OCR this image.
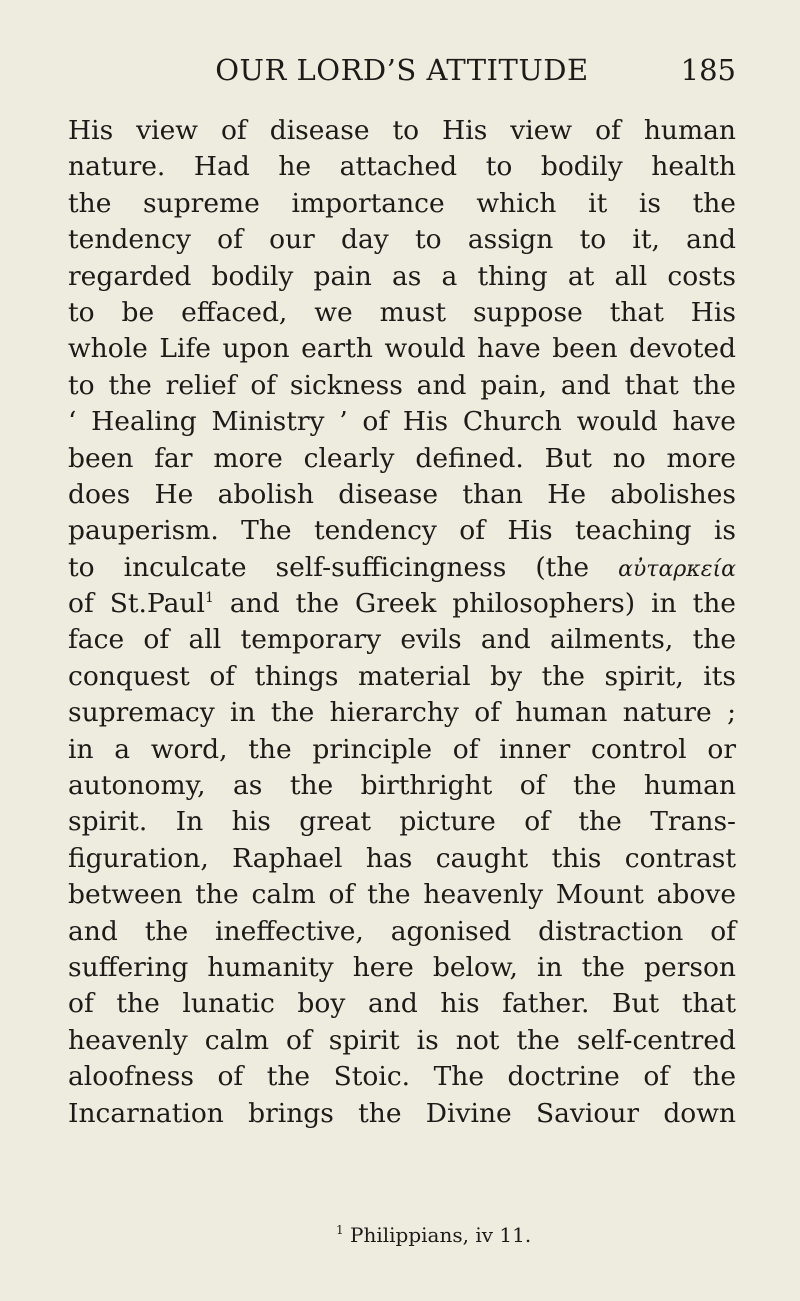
OUR LORD’S ATTITUDE	185
His view of disease to His view of human
nature. Had he attached to bodily health
the supreme importance which it is the
tendency of our day to assign to it, and
regarded bodily pain as a thing at all costs
to be effaced, we must suppose that His
whole Life upon earth would have been devoted
to the relief of sickness and pain, and that the
‘ Healing Ministry ’ of His Church would have
been far more clearly defined. But no more
does He abolish disease than He abolishes
pauperism. The tendency of His teaching is
to inculcate self-sufficingness (the αὐταρκεία
of St.Paul$^1$ and the Greek philosophers) in the
face of all temporary evils and ailments, the
conquest of things material by the spirit, its
supremacy in the hierarchy of human nature ;
in a word, the principle of inner control or
autonomy, as the birthright of the human
spirit. In his great picture of the Trans-
figuration, Raphael has caught this contrast
between the calm of the heavenly Mount above
and the ineffective, agonised distraction of
suffering humanity here below, in the person
of the lunatic boy and his father. But that
heavenly calm of spirit is not the self-centred
aloofness of the Stoic. The doctrine of the
Incarnation brings the Divine Saviour down
$^1$ Philippians, iv 11.
